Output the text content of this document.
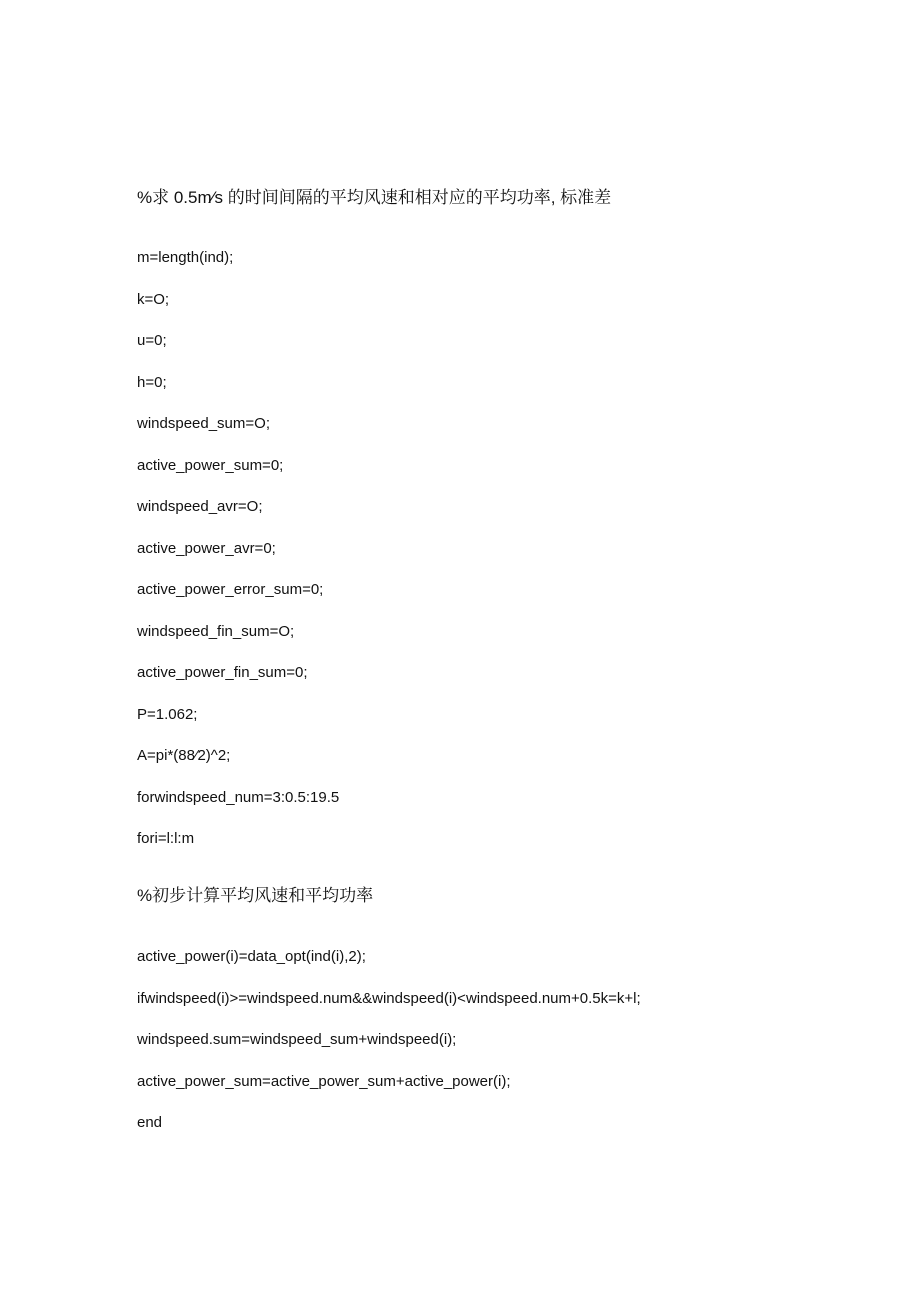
%求 0.5m⁄s 的时间间隔的平均风速和相对应的平均功率, 标准差
m=length(ind);
k=O;
u=0;
h=0;
windspeed_sum=O;
active_power_sum=0;
windspeed_avr=O;
active_power_avr=0;
active_power_error_sum=0;
windspeed_fin_sum=O;
active_power_fin_sum=0;
P=1.062;
A=pi*(88⁄2)^2;
forwindspeed_num=3:0.5:19.5
fori=l:l:m
%初步计算平均风速和平均功率
active_power(i)=data_opt(ind(i),2);
ifwindspeed(i)>=windspeed.num&&windspeed(i)<windspeed.num+0.5k=k+l;
windspeed.sum=windspeed_sum+windspeed(i);
active_power_sum=active_power_sum+active_power(i);
end
